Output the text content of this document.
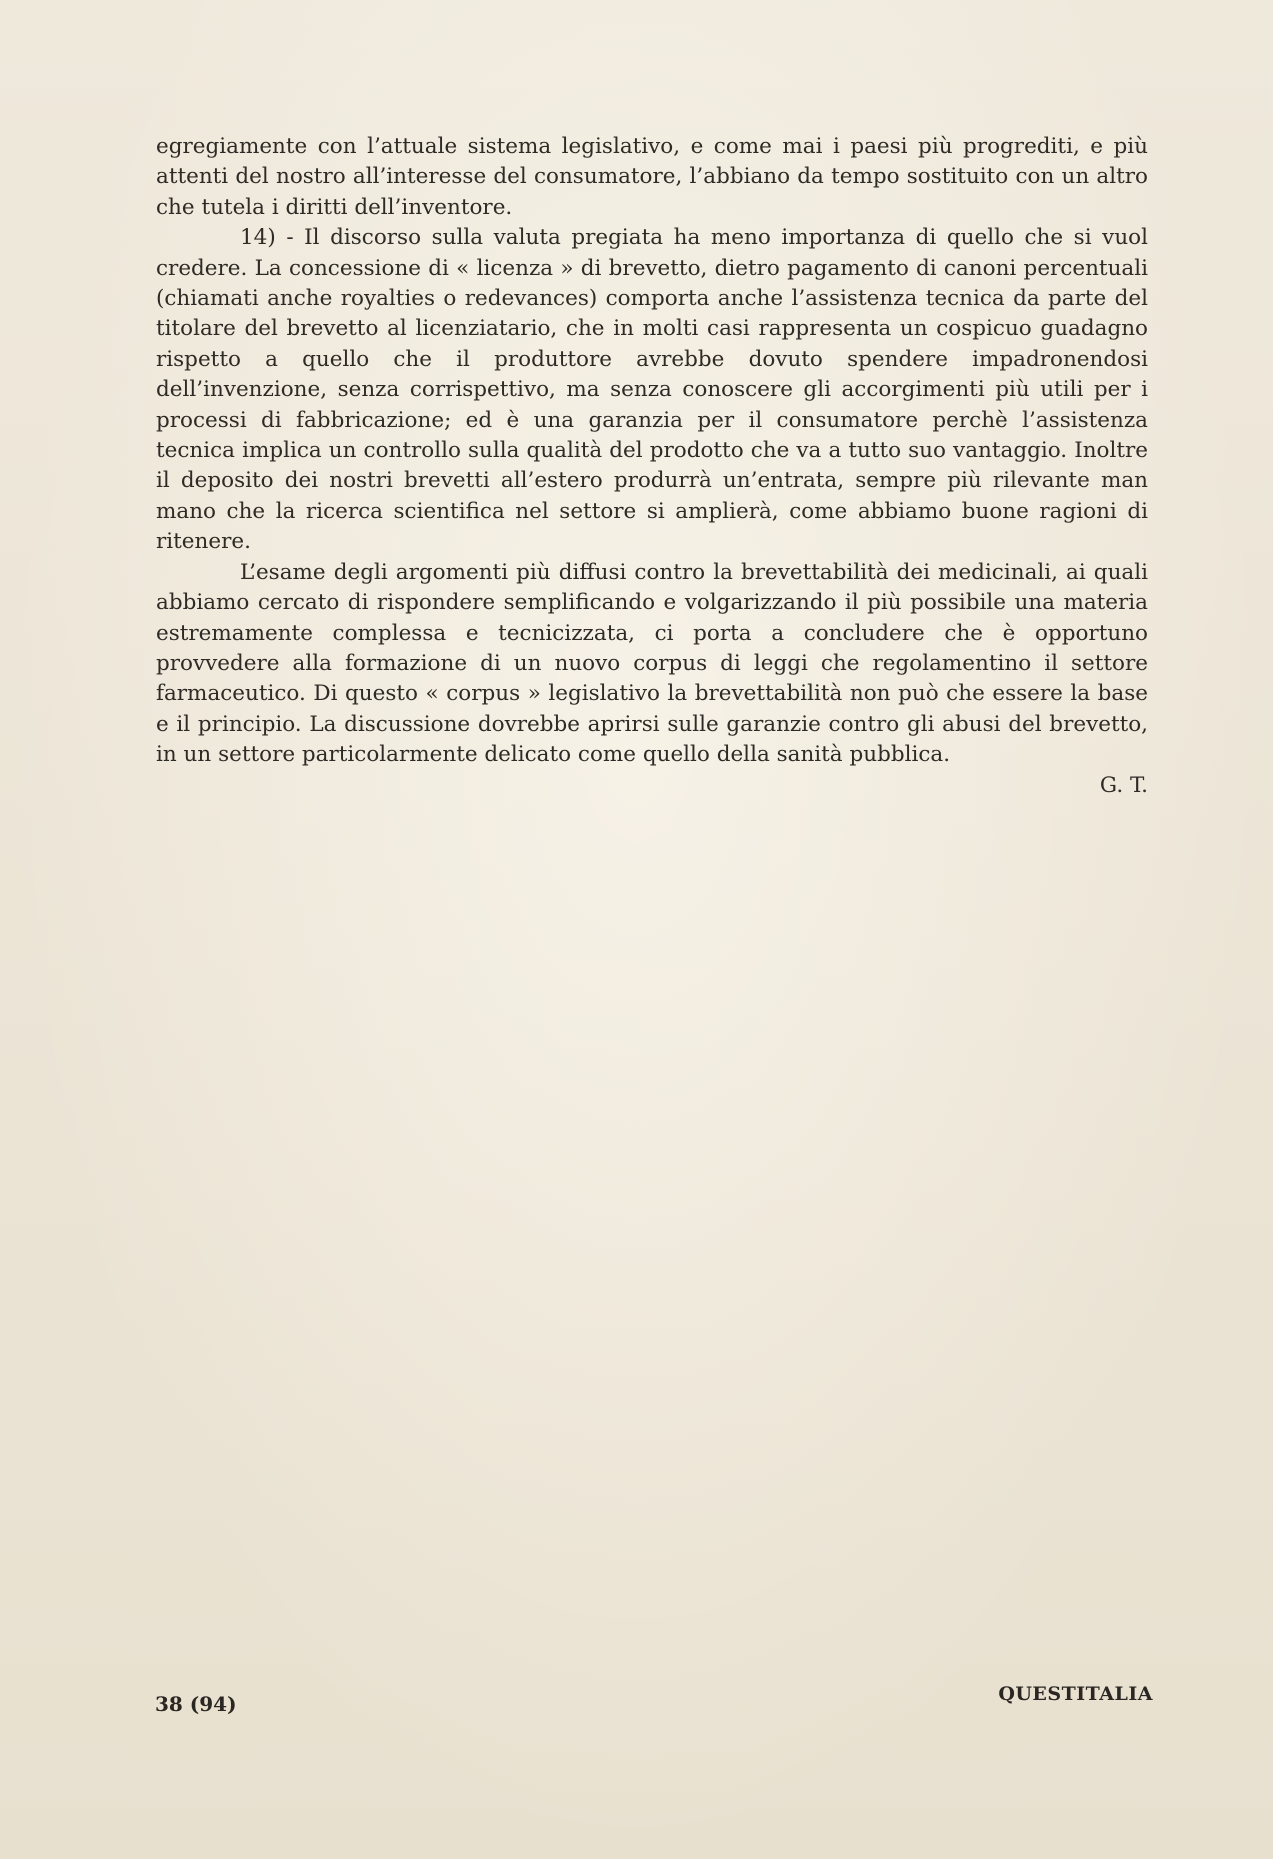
egregiamente con l’attuale sistema legislativo, e come mai i paesi più progrediti, e più attenti del nostro all’interesse del consumatore, l’abbiano da tempo sostituito con un altro che tutela i diritti dell’inventore.

14) - Il discorso sulla valuta pregiata ha meno importanza di quello che si vuol credere. La concessione di « licenza » di brevetto, dietro pagamento di canoni percentuali (chiamati anche royalties o redevances) comporta anche l’assistenza tecnica da parte del titolare del brevetto al licenziatario, che in molti casi rappresenta un cospicuo guadagno rispetto a quello che il produttore avrebbe dovuto spendere impadronendosi dell’invenzione, senza corrispettivo, ma senza conoscere gli accorgimenti più utili per i processi di fabbricazione; ed è una garanzia per il consumatore perchè l’assistenza tecnica implica un controllo sulla qualità del prodotto che va a tutto suo vantaggio. Inoltre il deposito dei nostri brevetti all’estero produrrà un’entrata, sempre più rilevante man mano che la ricerca scientifica nel settore si amplierà, come abbiamo buone ragioni di ritenere.

L’esame degli argomenti più diffusi contro la brevettabilità dei medicinali, ai quali abbiamo cercato di rispondere semplificando e volgarizzando il più possibile una materia estremamente complessa e tecnicizzata, ci porta a concludere che è opportuno provvedere alla formazione di un nuovo corpus di leggi che regolamentino il settore farmaceutico. Di questo « corpus » legislativo la brevettabilità non può che essere la base e il principio. La discussione dovrebbe aprirsi sulle garanzie contro gli abusi del brevetto, in un settore particolarmente delicato come quello della sanità pubblica.

G. T.

38 (94)	QUESTITALIA
